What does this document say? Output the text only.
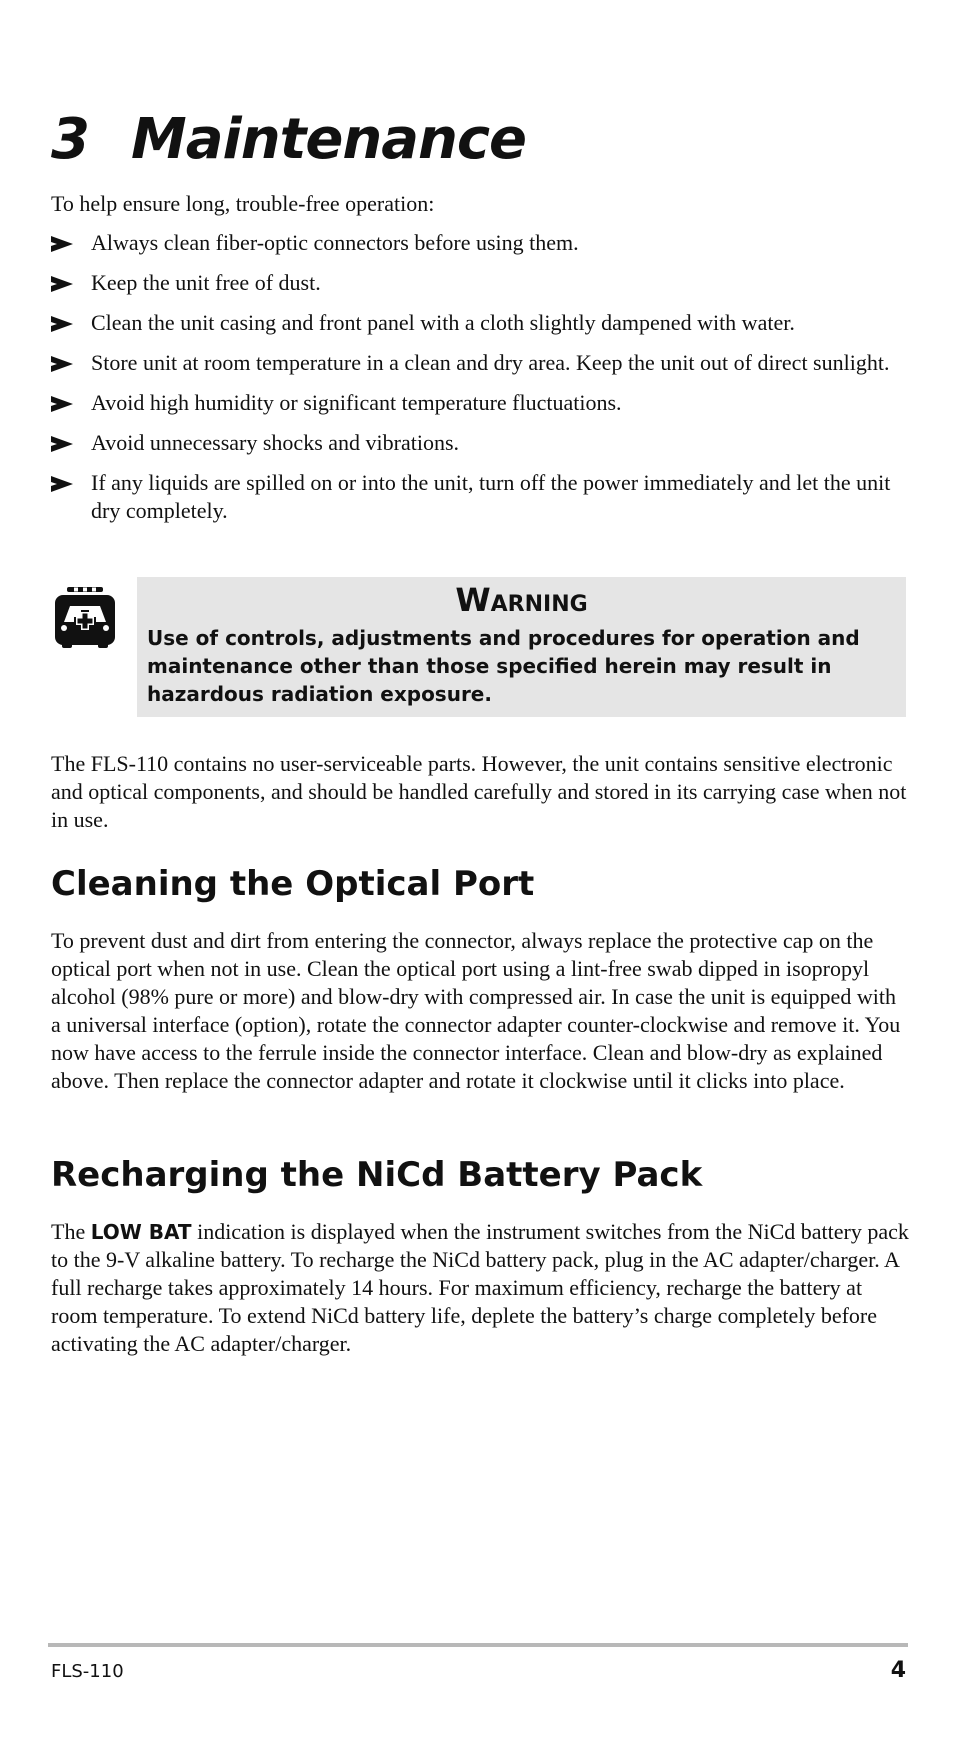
3 Maintenance
To help ensure long, trouble-free operation:
Always clean fiber-optic connectors before using them.
Keep the unit free of dust.
Clean the unit casing and front panel with a cloth slightly dampened with water.
Store unit at room temperature in a clean and dry area. Keep the unit out of direct sunlight.
Avoid high humidity or significant temperature fluctuations.
Avoid unnecessary shocks and vibrations.
If any liquids are spilled on or into the unit, turn off the power immediately and let the unit dry completely.
Warning
Use of controls, adjustments and procedures for operation and maintenance other than those specified herein may result in hazardous radiation exposure.
The FLS-110 contains no user-serviceable parts. However, the unit contains sensitive electronic and optical components, and should be handled carefully and stored in its carrying case when not in use.
Cleaning the Optical Port
To prevent dust and dirt from entering the connector, always replace the protective cap on the optical port when not in use. Clean the optical port using a lint-free swab dipped in isopropyl alcohol (98% pure or more) and blow-dry with compressed air. In case the unit is equipped with a universal interface (option), rotate the connector adapter counter-clockwise and remove it. You now have access to the ferrule inside the connector interface. Clean and blow-dry as explained above. Then replace the connector adapter and rotate it clockwise until it clicks into place.
Recharging the NiCd Battery Pack
The LOW BAT indication is displayed when the instrument switches from the NiCd battery pack to the 9-V alkaline battery. To recharge the NiCd battery pack, plug in the AC adapter/charger. A full recharge takes approximately 14 hours. For maximum efficiency, recharge the battery at room temperature. To extend NiCd battery life, deplete the battery’s charge completely before activating the AC adapter/charger.
FLS-110	4
